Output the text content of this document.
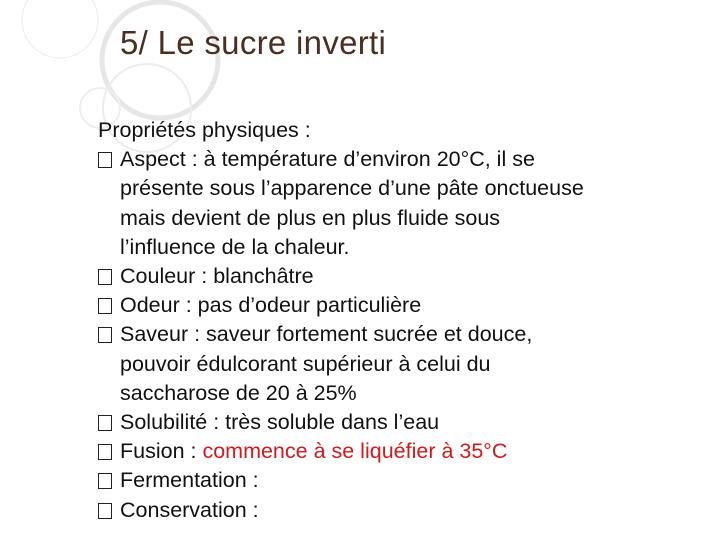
5/ Le sucre inverti
Propriétés physiques :
Aspect : à température d’environ 20°C, il se
présente sous l’apparence d’une pâte onctueuse
mais devient de plus en plus fluide sous
l’influence de la chaleur.
Couleur : blanchâtre
Odeur : pas d’odeur particulière
Saveur : saveur fortement sucrée et douce,
pouvoir édulcorant supérieur à celui du
saccharose de 20 à 25%
Solubilité : très soluble dans l’eau
Fusion : commence à se liquéfier à 35°C
Fermentation :
Conservation :
